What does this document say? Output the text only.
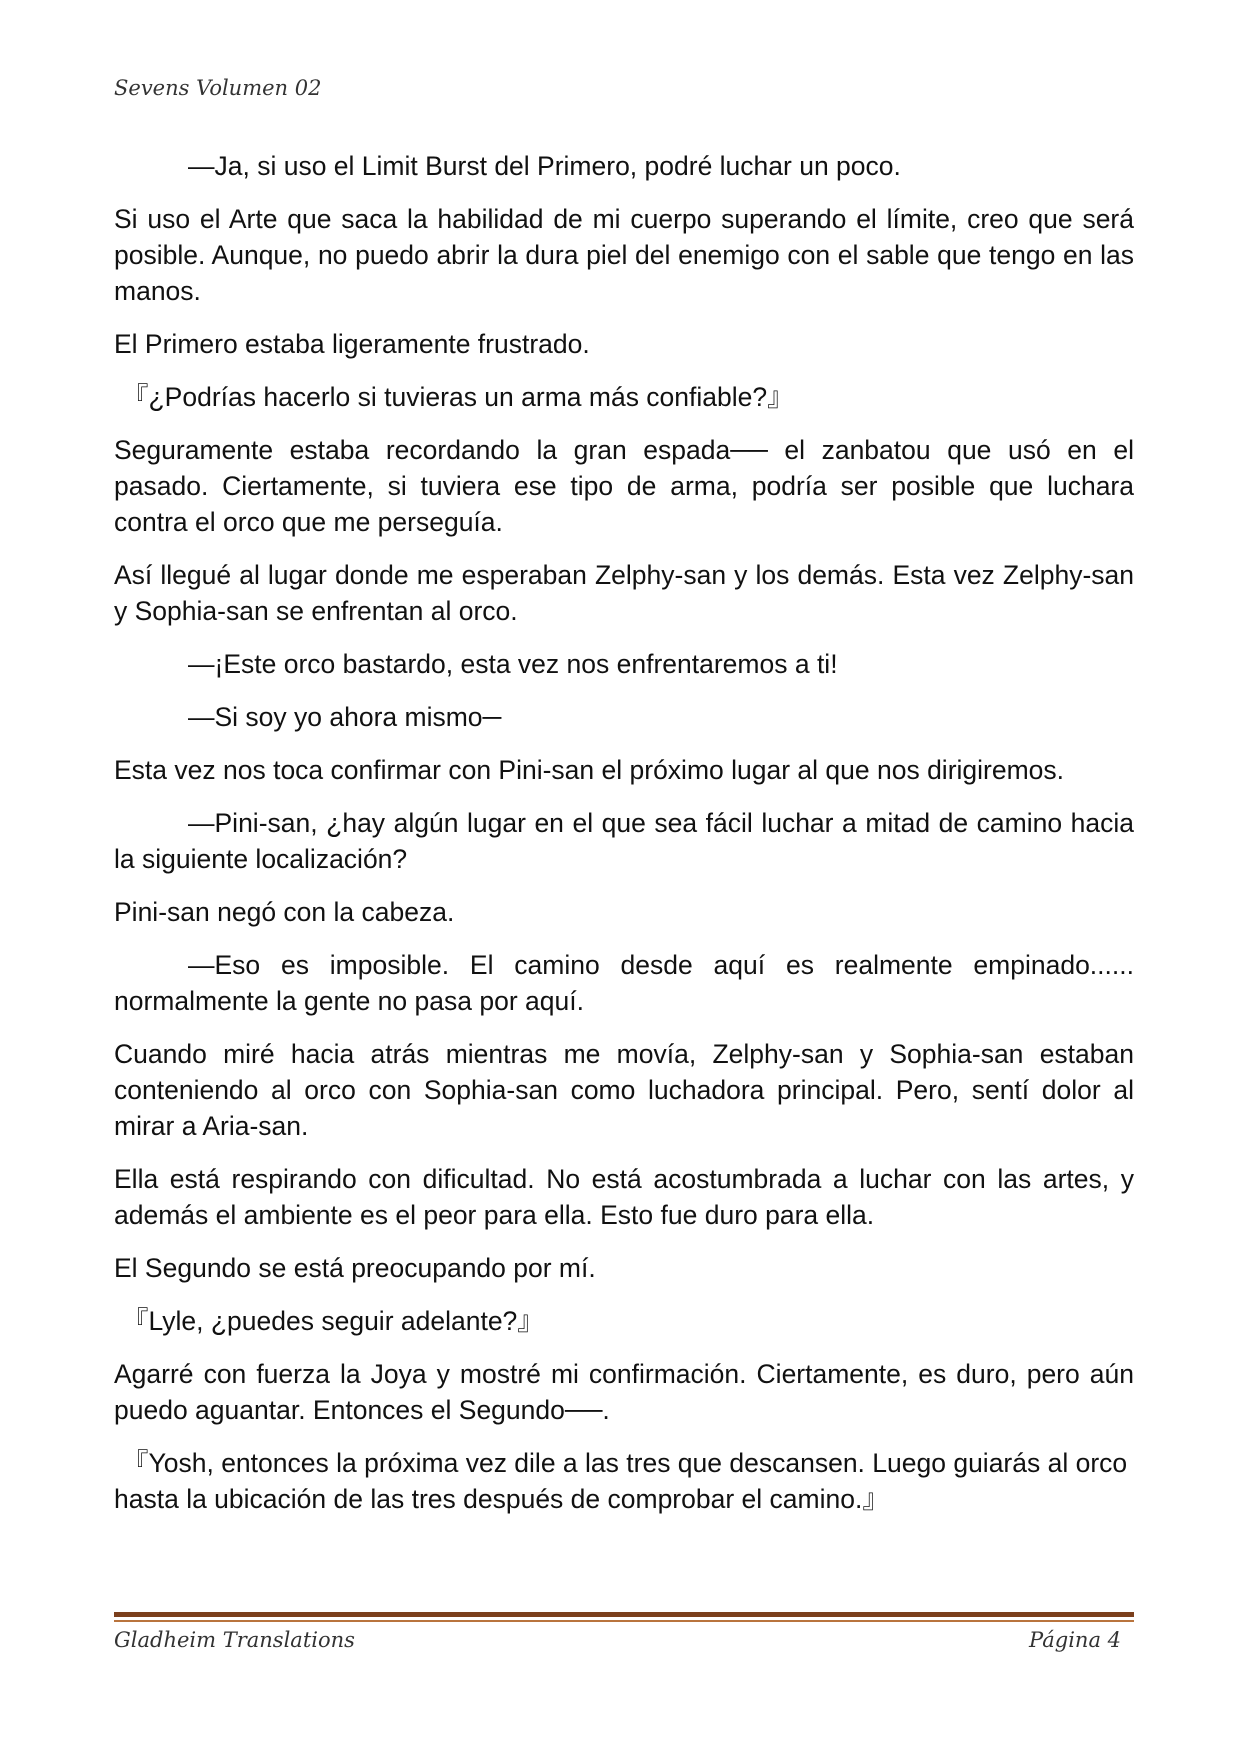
Sevens Volumen 02

—Ja, si uso el Limit Burst del Primero, podré luchar un poco.

Si uso el Arte que saca la habilidad de mi cuerpo superando el límite, creo que será posible. Aunque, no puedo abrir la dura piel del enemigo con el sable que tengo en las manos.

El Primero estaba ligeramente frustrado.

『¿Podrías hacerlo si tuvieras un arma más confiable?』

Seguramente estaba recordando la gran espada── el zanbatou que usó en el pasado. Ciertamente, si tuviera ese tipo de arma, podría ser posible que luchara contra el orco que me perseguía.

Así llegué al lugar donde me esperaban Zelphy-san y los demás. Esta vez Zelphy-san y Sophia-san se enfrentan al orco.

—¡Este orco bastardo, esta vez nos enfrentaremos a ti!

—Si soy yo ahora mismo─

Esta vez nos toca confirmar con Pini-san el próximo lugar al que nos dirigiremos.

—Pini-san, ¿hay algún lugar en el que sea fácil luchar a mitad de camino hacia la siguiente localización?

Pini-san negó con la cabeza.

—Eso es imposible. El camino desde aquí es realmente empinado...... normalmente la gente no pasa por aquí.

Cuando miré hacia atrás mientras me movía, Zelphy-san y Sophia-san estaban conteniendo al orco con Sophia-san como luchadora principal. Pero, sentí dolor al mirar a Aria-san.

Ella está respirando con dificultad. No está acostumbrada a luchar con las artes, y además el ambiente es el peor para ella. Esto fue duro para ella.

El Segundo se está preocupando por mí.

『Lyle, ¿puedes seguir adelante?』

Agarré con fuerza la Joya y mostré mi confirmación. Ciertamente, es duro, pero aún puedo aguantar. Entonces el Segundo──.

『Yosh, entonces la próxima vez dile a las tres que descansen. Luego guiarás al orco hasta la ubicación de las tres después de comprobar el camino.』

Gladheim Translations	Página 4
